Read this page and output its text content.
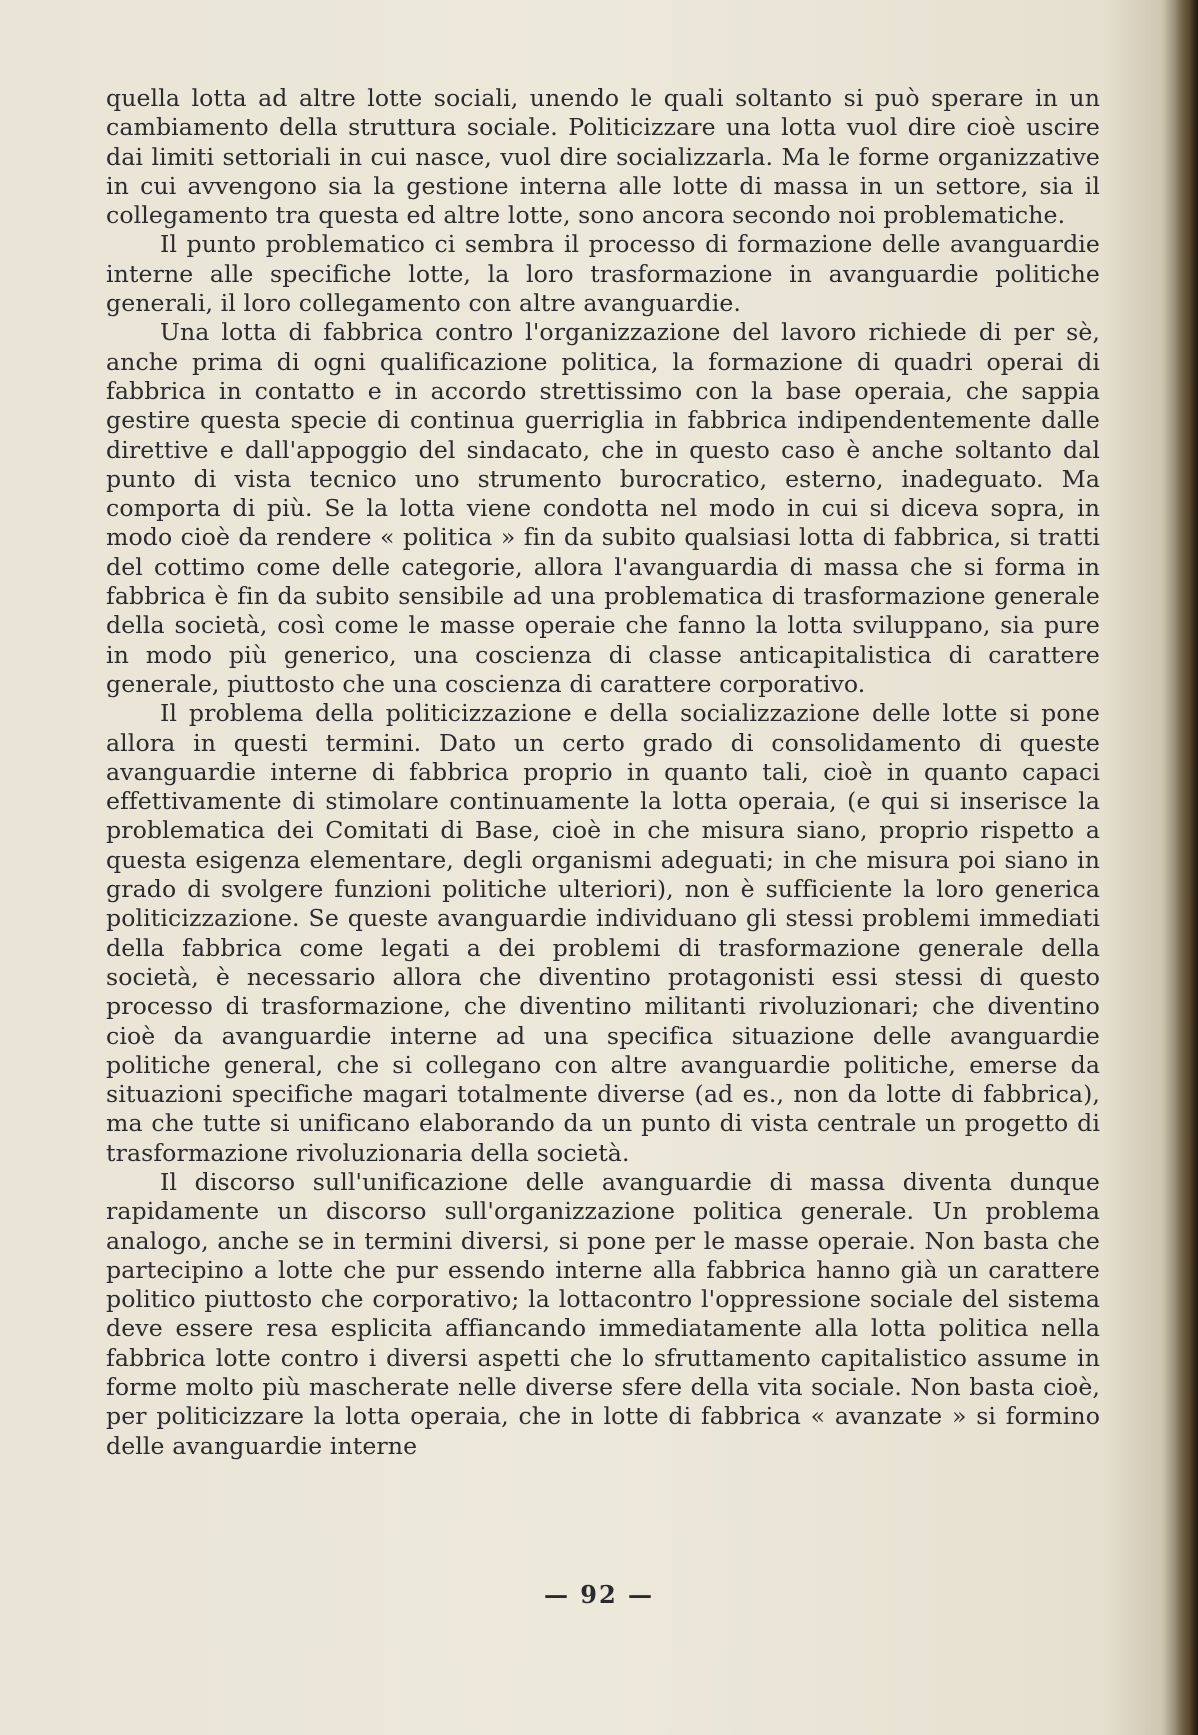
quella lotta ad altre lotte sociali, unendo le quali soltanto si può sperare in un cambiamento della struttura sociale. Politicizzare una lotta vuol dire cioè uscire dai limiti settoriali in cui nasce, vuol dire socializzarla. Ma le forme organizzative in cui avvengono sia la gestione interna alle lotte di massa in un settore, sia il collegamento tra questa ed altre lotte, sono ancora secondo noi problematiche.

Il punto problematico ci sembra il processo di formazione delle avanguardie interne alle specifiche lotte, la loro trasformazione in avanguardie politiche generali, il loro collegamento con altre avanguardie.

Una lotta di fabbrica contro l'organizzazione del lavoro richiede di per sè, anche prima di ogni qualificazione politica, la formazione di quadri operai di fabbrica in contatto e in accordo strettissimo con la base operaia, che sappia gestire questa specie di continua guerriglia in fabbrica indipendentemente dalle direttive e dall'appoggio del sindacato, che in questo caso è anche soltanto dal punto di vista tecnico uno strumento burocratico, esterno, inadeguato. Ma comporta di più. Se la lotta viene condotta nel modo in cui si diceva sopra, in modo cioè da rendere « politica » fin da subito qualsiasi lotta di fabbrica, si tratti del cottimo come delle categorie, allora l'avanguardia di massa che si forma in fabbrica è fin da subito sensibile ad una problematica di trasformazione generale della società, così come le masse operaie che fanno la lotta sviluppano, sia pure in modo più generico, una coscienza di classe anticapitalistica di carattere generale, piuttosto che una coscienza di carattere corporativo.

Il problema della politicizzazione e della socializzazione delle lotte si pone allora in questi termini. Dato un certo grado di consolidamento di queste avanguardie interne di fabbrica proprio in quanto tali, cioè in quanto capaci effettivamente di stimolare continuamente la lotta operaia, (e qui si inserisce la problematica dei Comitati di Base, cioè in che misura siano, proprio rispetto a questa esigenza elementare, degli organismi adeguati; in che misura poi siano in grado di svolgere funzioni politiche ulteriori), non è sufficiente la loro generica politicizzazione. Se queste avanguardie individuano gli stessi problemi immediati della fabbrica come legati a dei problemi di trasformazione generale della società, è necessario allora che diventino protagonisti essi stessi di questo processo di trasformazione, che diventino militanti rivoluzionari; che diventino cioè da avanguardie interne ad una specifica situazione delle avanguardie politiche general, che si collegano con altre avanguardie politiche, emerse da situazioni specifiche magari totalmente diverse (ad es., non da lotte di fabbrica), ma che tutte si unificano elaborando da un punto di vista centrale un progetto di trasformazione rivoluzionaria della società.

Il discorso sull'unificazione delle avanguardie di massa diventa dunque rapidamente un discorso sull'organizzazione politica generale. Un problema analogo, anche se in termini diversi, si pone per le masse operaie. Non basta che partecipino a lotte che pur essendo interne alla fabbrica hanno già un carattere politico piuttosto che corporativo; la lottacontro l'oppressione sociale del sistema deve essere resa esplicita affiancando immediatamente alla lotta politica nella fabbrica lotte contro i diversi aspetti che lo sfruttamento capitalistico assume in forme molto più mascherate nelle diverse sfere della vita sociale. Non basta cioè, per politicizzare la lotta operaia, che in lotte di fabbrica « avanzate » si formino delle avanguardie interne

— 92 —
